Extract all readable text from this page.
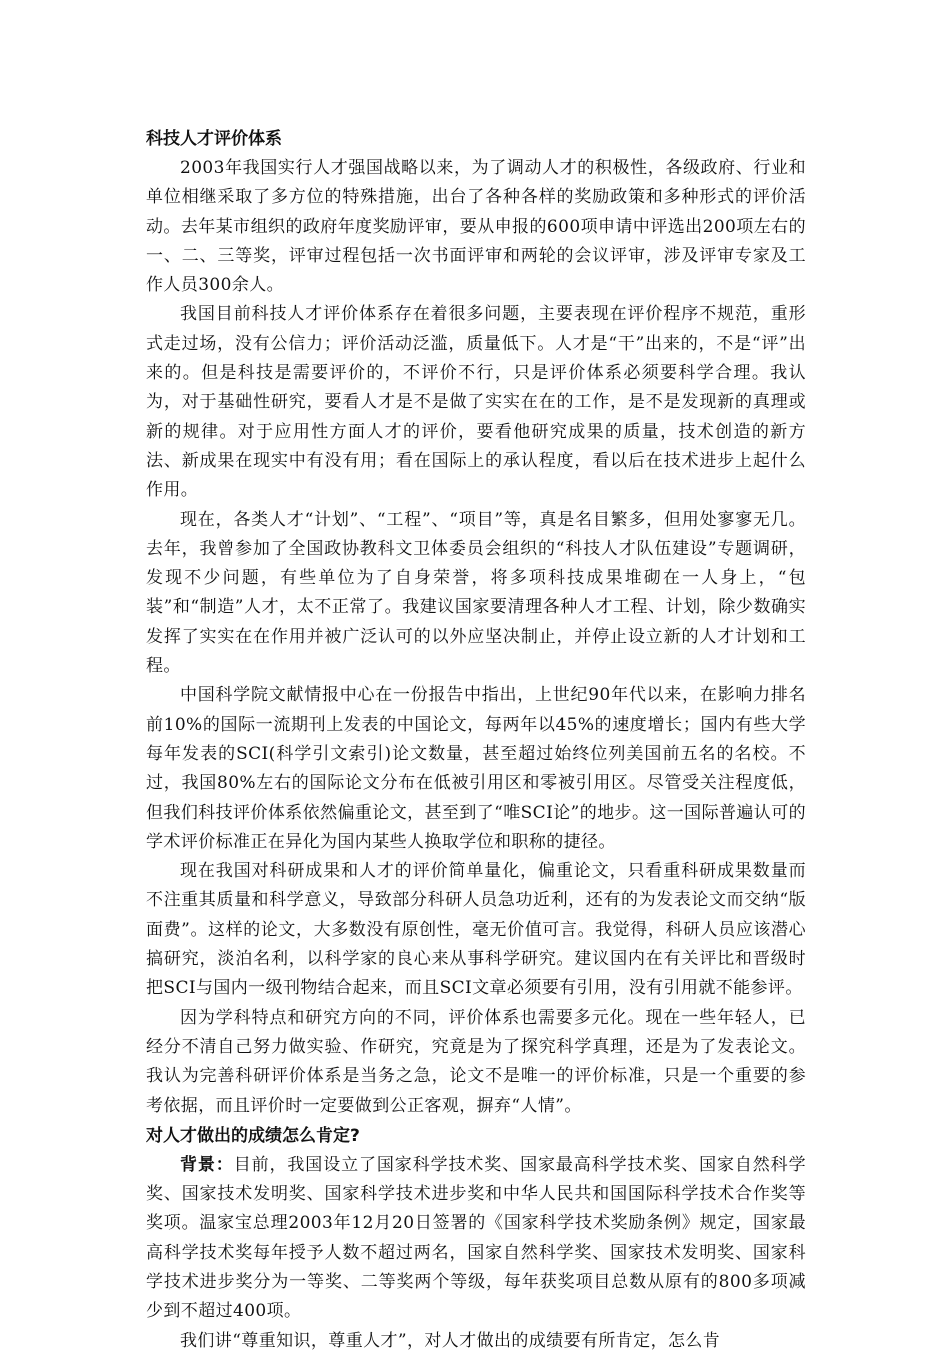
科技人才评价体系

2003年我国实行人才强国战略以来，为了调动人才的积极性，各级政府、行业和单位相继采取了多方位的特殊措施，出台了各种各样的奖励政策和多种形式的评价活动。去年某市组织的政府年度奖励评审，要从申报的600项申请中评选出200项左右的一、二、三等奖，评审过程包括一次书面评审和两轮的会议评审，涉及评审专家及工作人员300余人。

我国目前科技人才评价体系存在着很多问题，主要表现在评价程序不规范，重形式走过场，没有公信力；评价活动泛滥，质量低下。人才是“干”出来的，不是“评”出来的。但是科技是需要评价的，不评价不行，只是评价体系必须要科学合理。我认为，对于基础性研究，要看人才是不是做了实实在在的工作，是不是发现新的真理或新的规律。对于应用性方面人才的评价，要看他研究成果的质量，技术创造的新方法、新成果在现实中有没有用；看在国际上的承认程度，看以后在技术进步上起什么作用。

现在，各类人才“计划”、“工程”、“项目”等，真是名目繁多，但用处寥寥无几。去年，我曾参加了全国政协教科文卫体委员会组织的“科技人才队伍建设”专题调研，发现不少问题，有些单位为了自身荣誉，将多项科技成果堆砌在一人身上，“包装”和“制造”人才，太不正常了。我建议国家要清理各种人才工程、计划，除少数确实发挥了实实在在作用并被广泛认可的以外应坚决制止，并停止设立新的人才计划和工程。

中国科学院文献情报中心在一份报告中指出，上世纪90年代以来，在影响力排名前10%的国际一流期刊上发表的中国论文，每两年以45%的速度增长；国内有些大学每年发表的SCI(科学引文索引)论文数量，甚至超过始终位列美国前五名的名校。不过，我国80%左右的国际论文分布在低被引用区和零被引用区。尽管受关注程度低，但我们科技评价体系依然偏重论文，甚至到了“唯SCI论”的地步。这一国际普遍认可的学术评价标准正在异化为国内某些人换取学位和职称的捷径。

现在我国对科研成果和人才的评价简单量化，偏重论文，只看重科研成果数量而不注重其质量和科学意义，导致部分科研人员急功近利，还有的为发表论文而交纳“版面费”。这样的论文，大多数没有原创性，毫无价值可言。我觉得，科研人员应该潜心搞研究，淡泊名利，以科学家的良心来从事科学研究。建议国内在有关评比和晋级时把SCI与国内一级刊物结合起来，而且SCI文章必须要有引用，没有引用就不能参评。

因为学科特点和研究方向的不同，评价体系也需要多元化。现在一些年轻人，已经分不清自己努力做实验、作研究，究竟是为了探究科学真理，还是为了发表论文。我认为完善科研评价体系是当务之急，论文不是唯一的评价标准，只是一个重要的参考依据，而且评价时一定要做到公正客观，摒弃“人情”。

对人才做出的成绩怎么肯定?

背景：目前，我国设立了国家科学技术奖、国家最高科学技术奖、国家自然科学奖、国家技术发明奖、国家科学技术进步奖和中华人民共和国国际科学技术合作奖等奖项。温家宝总理2003年12月20日签署的《国家科学技术奖励条例》规定，国家最高科学技术奖每年授予人数不超过两名，国家自然科学奖、国家技术发明奖、国家科学技术进步奖分为一等奖、二等奖两个等级，每年获奖项目总数从原有的800多项减少到不超过400项。

我们讲“尊重知识，尊重人才”，对人才做出的成绩要有所肯定，怎么肯
